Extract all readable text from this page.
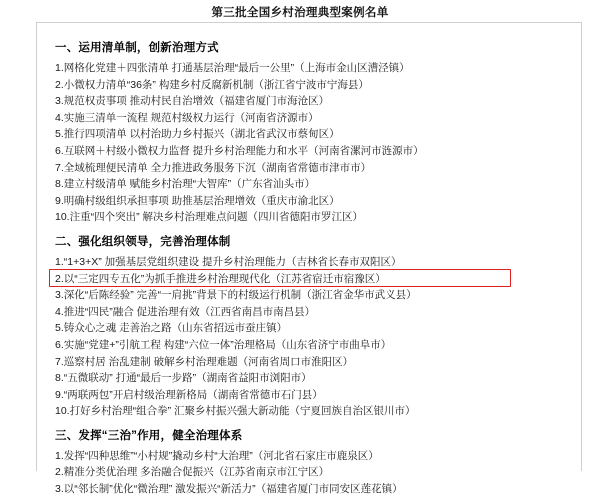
第三批全国乡村治理典型案例名单
一、运用清单制，创新治理方式
1.网格化党建＋四张清单 打通基层治理“最后一公里”（上海市金山区漕泾镇）
2.小微权力清单“36条” 构建乡村反腐新机制（浙江省宁波市宁海县）
3.规范权责事项 推动村民自治增效（福建省厦门市海沧区）
4.实施三清单一流程 规范村级权力运行（河南省济源市）
5.推行四项清单 以村治助力乡村振兴（湖北省武汉市蔡甸区）
6.互联网＋村级小微权力监督 提升乡村治理能力和水平（河南省漯河市涟源市）
7.全域梳理便民清单 全力推进政务服务下沉（湖南省常德市津市市）
8.建立村级清单 赋能乡村治理“大智库”（广东省汕头市）
9.明确村级组织承担事项 助推基层治理增效（重庆市渝北区）
10.注重“四个突出” 解决乡村治理难点问题（四川省德阳市罗江区）
二、强化组织领导，完善治理体制
1.“1+3+X” 加强基层党组织建设 提升乡村治理能力（吉林省长春市双阳区）
2.以“三定四专五化”为抓手推进乡村治理现代化（江苏省宿迁市宿豫区）
3.深化“后陈经验” 完善“一肩挑”背景下的村级运行机制（浙江省金华市武义县）
4.推进“四民”融合 促进治理有效（江西省南昌市南昌县）
5.铸众心之魂 走善治之路（山东省招远市蚕庄镇）
6.实施“党建+”引航工程 构建“六位一体”治理格局（山东省济宁市曲阜市）
7.巡察村居 治乱建制 破解乡村治理难题（河南省周口市淮阳区）
8.“五微联动” 打通“最后一步路”（湖南省益阳市浏阳市）
9.“两联两包”开启村级治理新格局（湖南省常德市石门县）
10.打好乡村治理“组合拳” 汇聚乡村振兴强大新动能（宁夏回族自治区银川市）
三、发挥“三治”作用，健全治理体系
1.发挥“四种思维”“小村规”撬动乡村“大治理”（河北省石家庄市鹿泉区）
2.精准分类优治理 多治融合促振兴（江苏省南京市江宁区）
3.以“邻长制”优化“微治理” 激发振兴“新活力”（福建省厦门市同安区莲花镇）
